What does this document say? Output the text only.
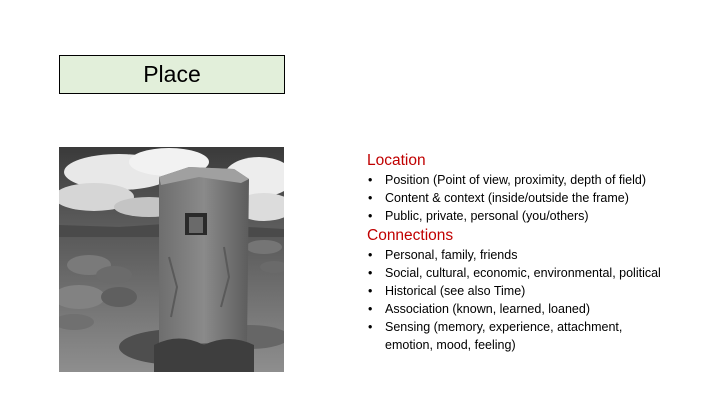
Place
Location
• Position (Point of view, proximity, depth of field)
• Content & context (inside/outside the frame)
• Public, private, personal (you/others)
Connections
• Personal, family, friends
• Social, cultural, economic, environmental, political
• Historical (see also Time)
• Association (known, learned, loaned)
• Sensing (memory, experience, attachment,
emotion, mood, feeling)
